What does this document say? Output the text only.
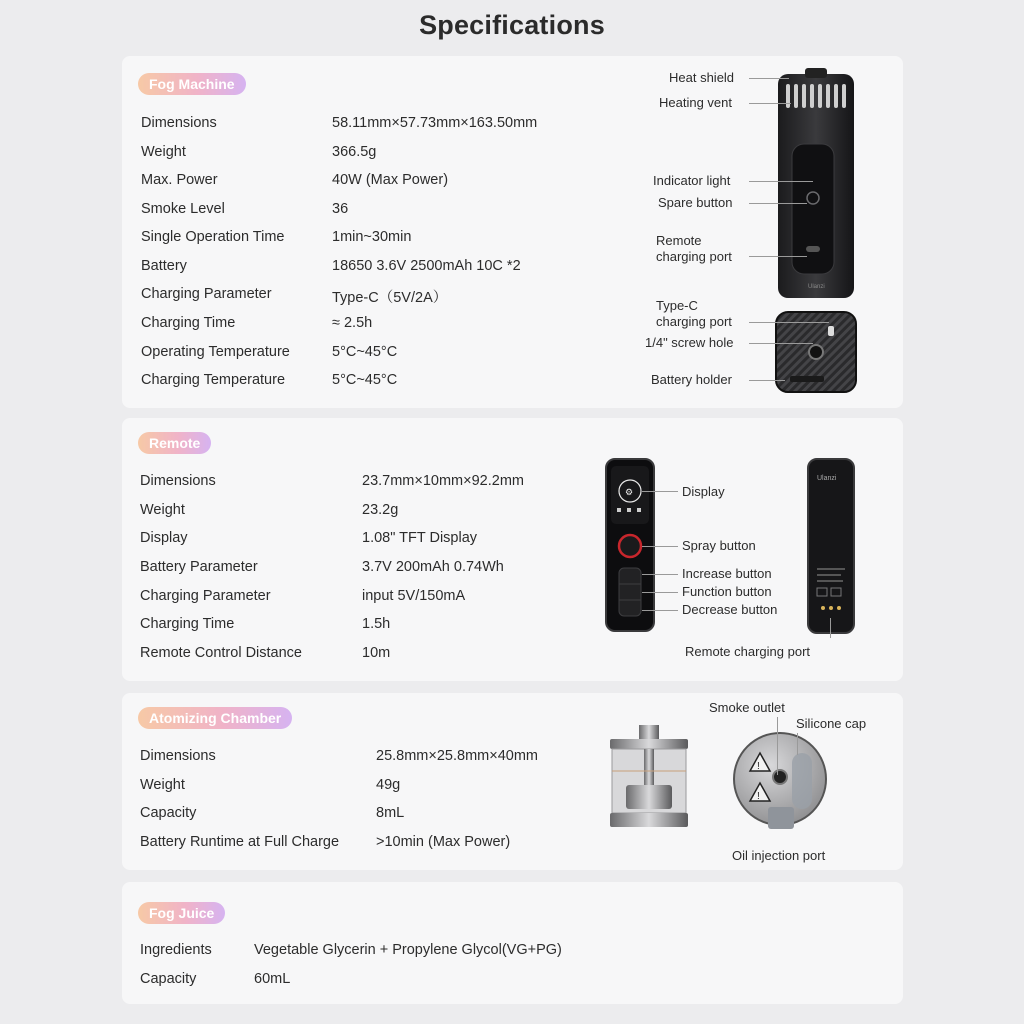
Specifications
Fog Machine
Dimensions	58.11mm×57.73mm×163.50mm
Weight	366.5g
Max. Power	40W (Max Power)
Smoke Level	36
Single Operation Time	1min~30min
Battery	18650 3.6V 2500mAh 10C *2
Charging Parameter	Type-C（5V/2A）
Charging Time	≈ 2.5h
Operating Temperature	5°C~45°C
Charging Temperature	5°C~45°C
Ulanzi
Heat shield
Heating vent
Indicator light
Spare button
Remote
charging port
Type-C
charging port
1/4" screw hole
Battery holder
Remote
Dimensions	23.7mm×10mm×92.2mm
Weight	23.2g
Display	1.08" TFT Display
Battery Parameter	3.7V 200mAh 0.74Wh
Charging Parameter	input 5V/150mA
Charging Time	1.5h
Remote Control Distance	10m
⚙
Ulanzi
Display
Spray button
Increase button
Function button
Decrease button
Remote charging port
Atomizing Chamber
Dimensions	25.8mm×25.8mm×40mm
Weight	49g
Capacity	8mL
Battery Runtime at Full Charge	>10min (Max Power)
!
!
Smoke outlet
Silicone cap
Oil injection port
Fog Juice
Ingredients	Vegetable Glycerin + Propylene Glycol(VG+PG)
Capacity	60mL
